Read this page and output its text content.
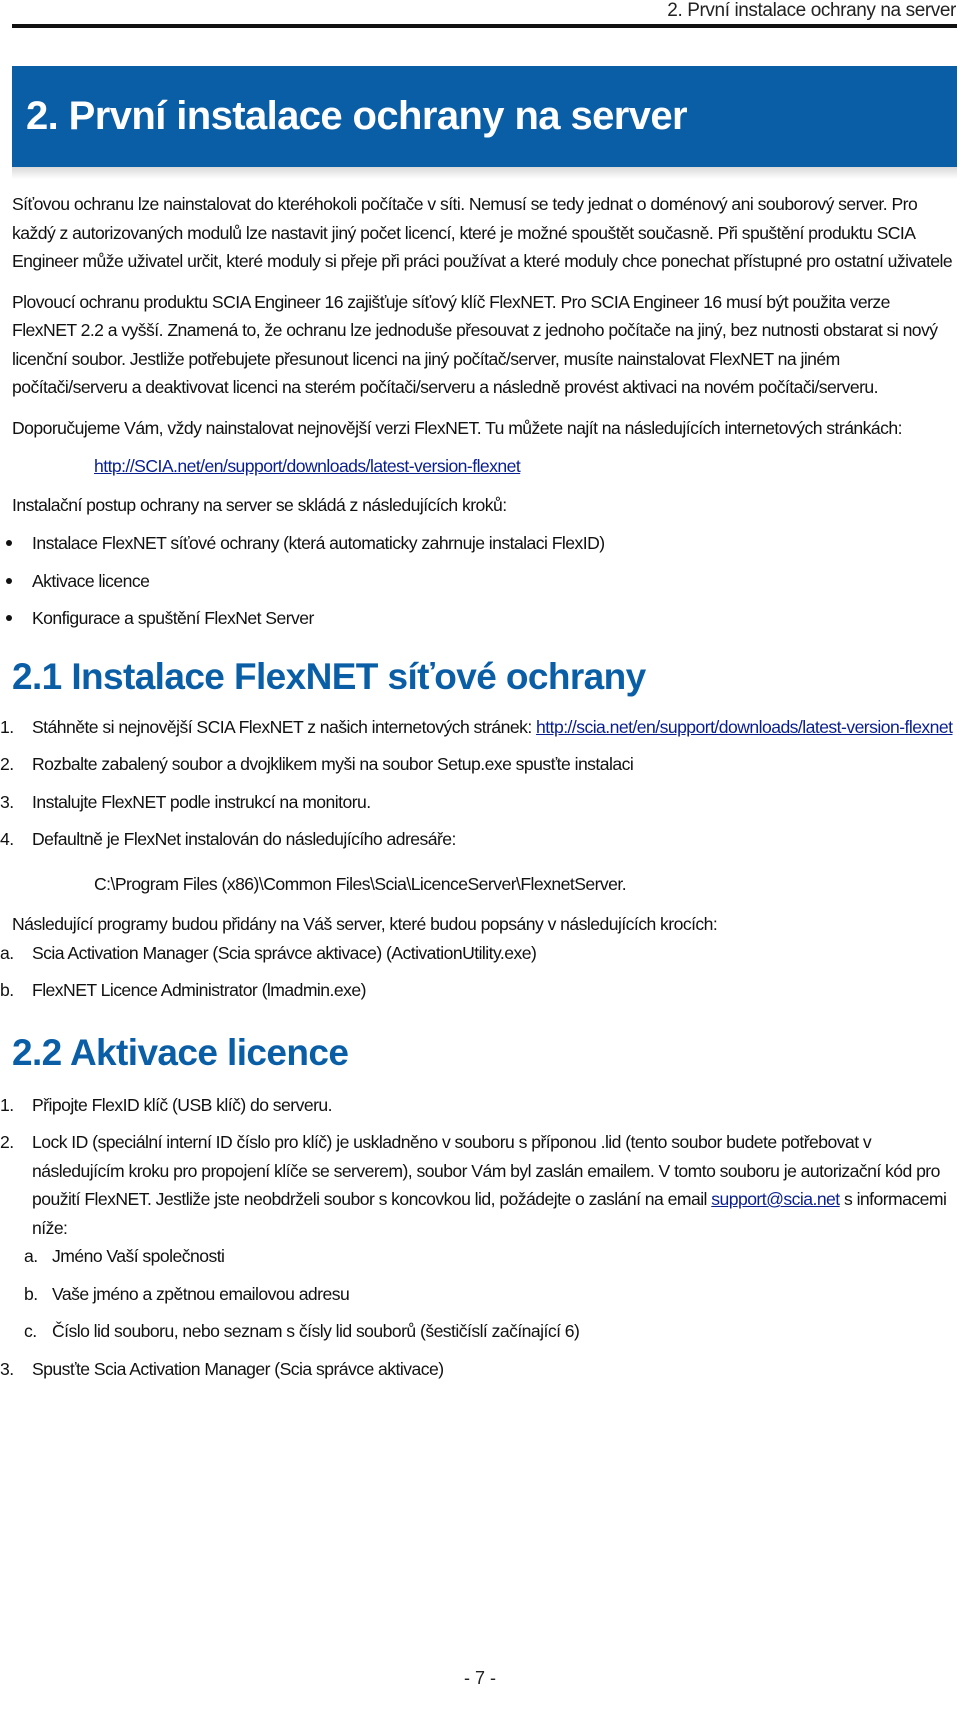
2. První instalace ochrany na server
2. První instalace ochrany na server

Síťovou ochranu lze nainstalovat do kteréhokoli počítače v síti. Nemusí se tedy jednat o doménový ani souborový server. Pro každý z autorizovaných modulů lze nastavit jiný počet licencí, které je možné spouštět současně. Při spuštění produktu SCIA Engineer může uživatel určit, které moduly si přeje při práci používat a které moduly chce ponechat přístupné pro ostatní uživatele

Plovoucí ochranu produktu SCIA Engineer 16 zajišťuje síťový klíč FlexNET. Pro SCIA Engineer 16 musí být použita verze FlexNET 2.2 a vyšší. Znamená to, že ochranu lze jednoduše přesouvat z jednoho počítače na jiný, bez nutnosti obstarat si nový licenční soubor. Jestliže potřebujete přesunout licenci na jiný počítač/server, musíte nainstalovat FlexNET na jiném počítači/serveru a deaktivovat licenci na sterém počítači/serveru a následně provést aktivaci na novém počítači/serveru.

Doporučujeme Vám, vždy nainstalovat nejnovější verzi FlexNET. Tu můžete najít na následujících internetových stránkách:

http://SCIA.net/en/support/downloads/latest-version-flexnet

Instalační postup ochrany na server se skládá z následujících kroků:

Instalace FlexNET síťové ochrany (která automaticky zahrnuje instalaci FlexID)
Aktivace licence
Konfigurace a spuštění FlexNet Server
2.1 Instalace FlexNET síťové ochrany
1. Stáhněte si nejnovější SCIA FlexNET z našich internetových stránek: http://scia.net/en/support/downloads/latest-version-flexnet
2. Rozbalte zabalený soubor a dvojklikem myši na soubor Setup.exe spusťte instalaci
3. Instalujte FlexNET podle instrukcí na monitoru.
4. Defaultně je FlexNet instalován do následujícího adresáře:

C:\Program Files (x86)\Common Files\Scia\LicenceServer\FlexnetServer.

Následující programy budou přidány na Váš server, které budou popsány v následujících krocích:

a. Scia Activation Manager (Scia správce aktivace) (ActivationUtility.exe)
b. FlexNET Licence Administrator (lmadmin.exe)
2.2 Aktivace licence
1. Připojte FlexID klíč (USB klíč) do serveru.
2. Lock ID (speciální interní ID číslo pro klíč) je uskladněno v souboru s příponou .lid (tento soubor budete potřebovat v následujícím kroku pro propojení klíče se serverem), soubor Vám byl zaslán emailem. V tomto souboru je autorizační kód pro použití FlexNET. Jestliže jste neobdrželi soubor s koncovkou lid, požádejte o zaslání na email support@scia.net s informacemi níže:
a. Jméno Vaší společnosti
b. Vaše jméno a zpětnou emailovou adresu
c. Číslo lid souboru, nebo seznam s čísly lid souborů (šestičíslí začínající 6)
3. Spusťte Scia Activation Manager (Scia správce aktivace)
- 7 -
